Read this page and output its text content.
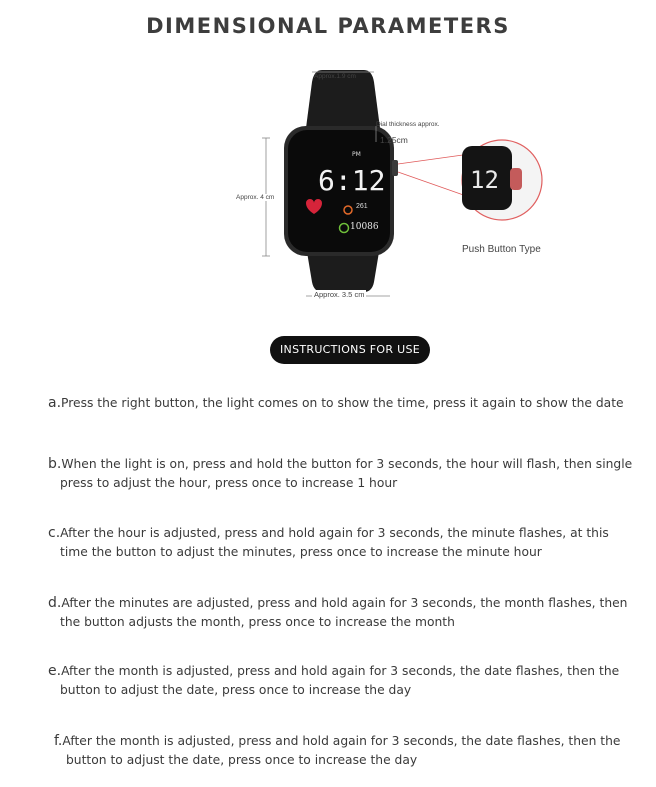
DIMENSIONAL PARAMETERS
PM
6:12	12
Approx.1.9 cm
Dial thickness approx.
1.25cm
Approx. 4 cm
Approx. 3.5 cm
Push Button Type
261
10086
INSTRUCTIONS FOR USE

a.Press the right button, the light comes on to show the time, press it again to show the date

b.When the light is on, press and hold the button for 3 seconds, the hour will flash, then single
press to adjust the hour, press once to increase 1 hour

c.After the hour is adjusted, press and hold again for 3 seconds, the minute flashes, at this
time the button to adjust the minutes, press once to increase the minute hour

d.After the minutes are adjusted, press and hold again for 3 seconds, the month flashes, then
the button adjusts the month, press once to increase the month

e.After the month is adjusted, press and hold again for 3 seconds, the date flashes, then the
button to adjust the date, press once to increase the day

f.After the month is adjusted, press and hold again for 3 seconds, the date flashes, then the
button to adjust the date, press once to increase the day
